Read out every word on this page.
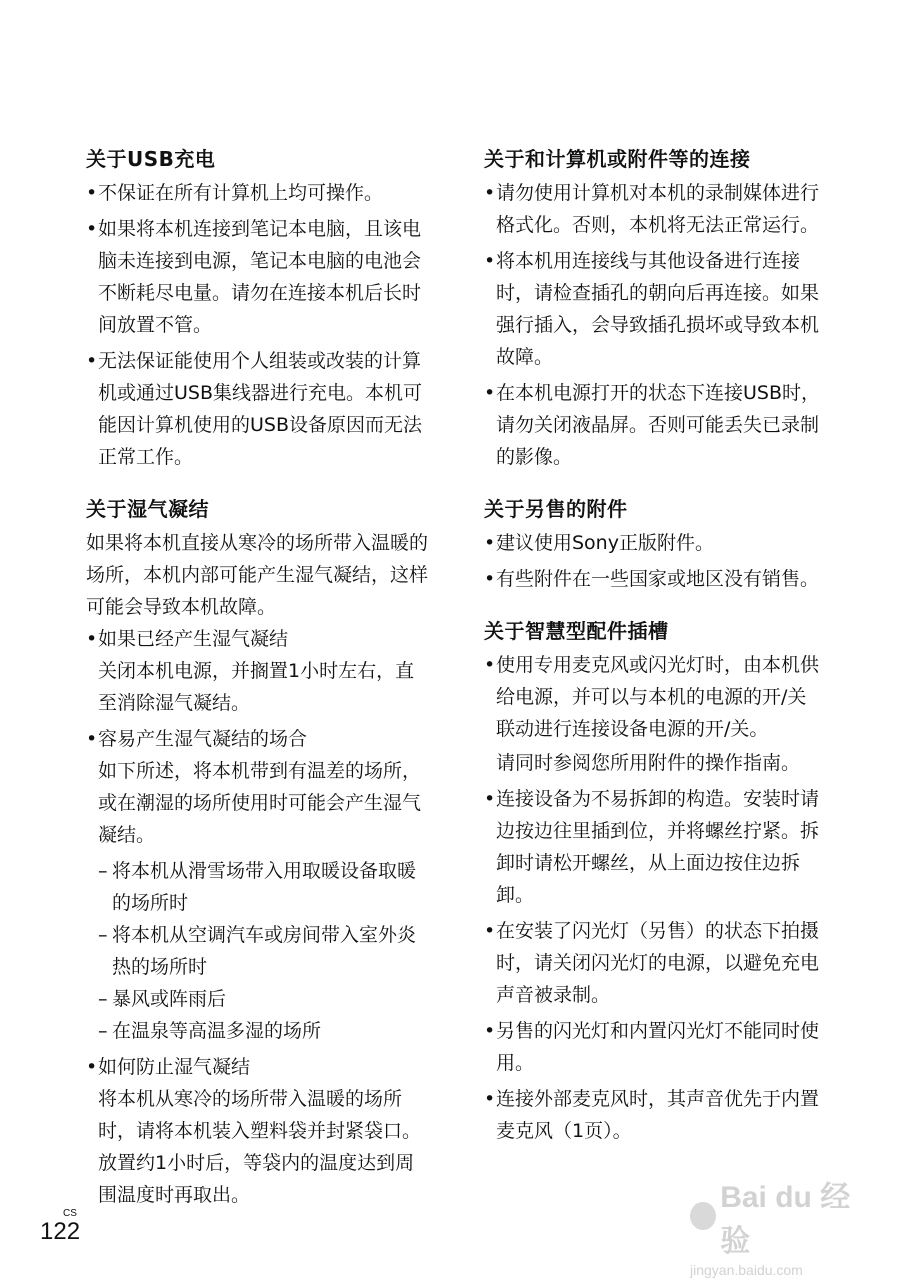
关于USB充电

• 不保证在所有计算机上均可操作。

• 如果将本机连接到笔记本电脑，且该电脑未连接到电源，笔记本电脑的电池会不断耗尽电量。请勿在连接本机后长时间放置不管。

• 无法保证能使用个人组装或改装的计算机或通过USB集线器进行充电。本机可能因计算机使用的USB设备原因而无法正常工作。

关于湿气凝结

如果将本机直接从寒冷的场所带入温暖的场所，本机内部可能产生湿气凝结，这样可能会导致本机故障。

• 如果已经产生湿气凝结
关闭本机电源，并搁置1小时左右，直至消除湿气凝结。
• 容易产生湿气凝结的场合
如下所述，将本机带到有温差的场所，或在潮湿的场所使用时可能会产生湿气凝结。

– 将本机从滑雪场带入用取暖设备取暖的场所时

– 将本机从空调汽车或房间带入室外炎热的场所时

– 暴风或阵雨后

– 在温泉等高温多湿的场所

• 如何防止湿气凝结
将本机从寒冷的场所带入温暖的场所时，请将本机装入塑料袋并封紧袋口。放置约1小时后，等袋内的温度达到周围温度时再取出。
关于和计算机或附件等的连接

• 请勿使用计算机对本机的录制媒体进行格式化。否则，本机将无法正常运行。

• 将本机用连接线与其他设备进行连接时，请检查插孔的朝向后再连接。如果强行插入，会导致插孔损坏或导致本机故障。

• 在本机电源打开的状态下连接USB时，请勿关闭液晶屏。否则可能丢失已录制的影像。

关于另售的附件

• 建议使用Sony正版附件。

• 有些附件在一些国家或地区没有销售。

关于智慧型配件插槽
• 使用专用麦克风或闪光灯时，由本机供给电源，并可以与本机的电源的开/关联动进行连接设备电源的开/关。
请同时参阅您所用附件的操作指南。

• 连接设备为不易拆卸的构造。安装时请边按边往里插到位，并将螺丝拧紧。拆卸时请松开螺丝，从上面边按住边拆卸。

• 在安装了闪光灯（另售）的状态下拍摄时，请关闭闪光灯的电源，以避免充电声音被录制。

• 另售的闪光灯和内置闪光灯不能同时使用。

• 连接外部麦克风时，其声音优先于内置麦克风（1页）。

CS
122
Bai du 经验
jingyan.baidu.com
